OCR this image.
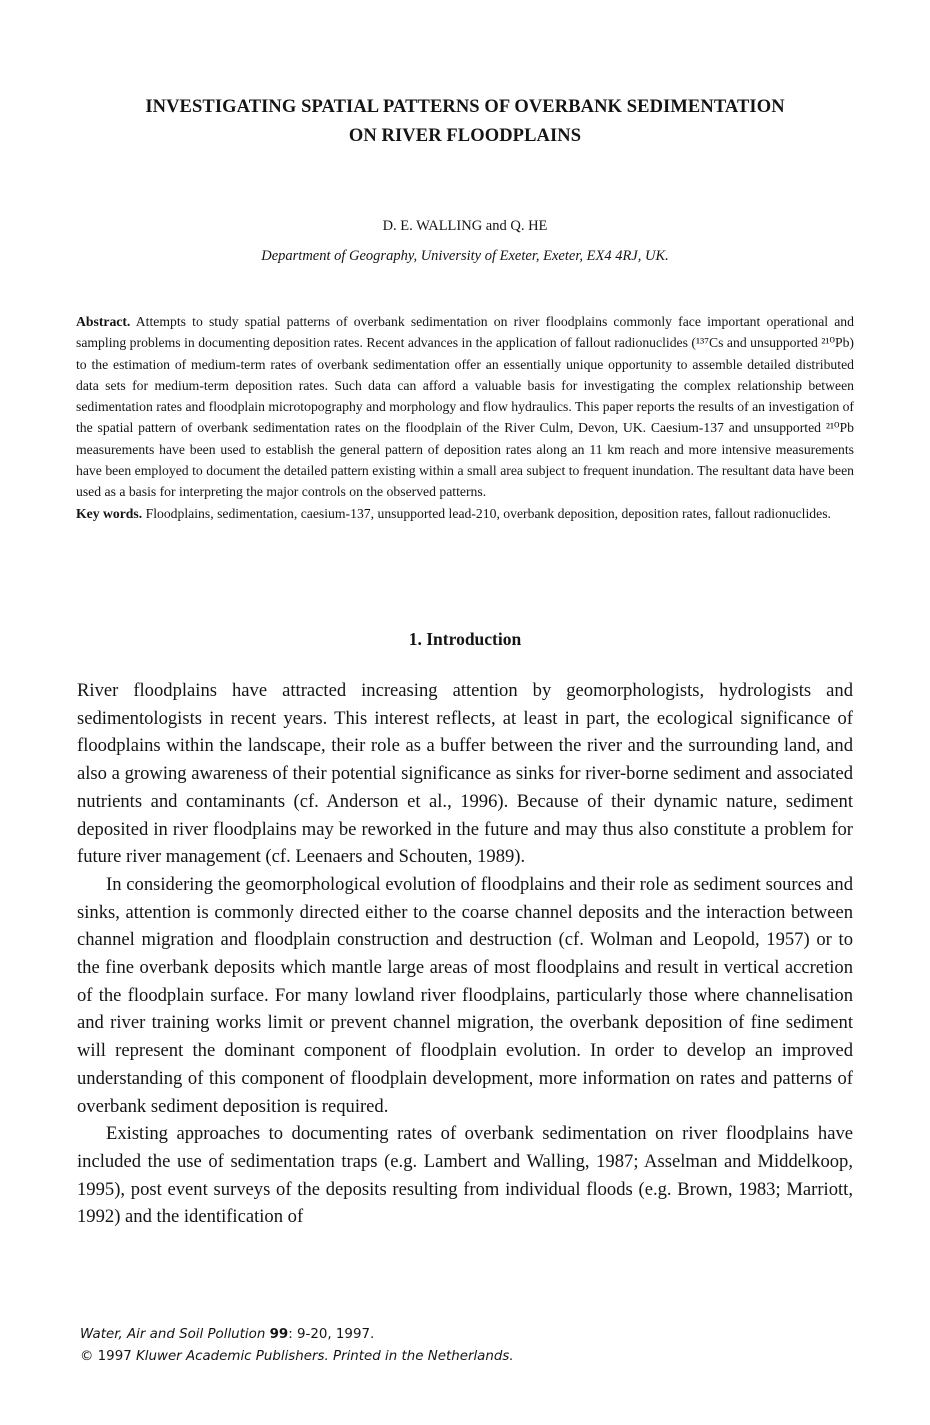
INVESTIGATING SPATIAL PATTERNS OF OVERBANK SEDIMENTATION
ON RIVER FLOODPLAINS
D. E. WALLING and Q. HE
Department of Geography, University of Exeter, Exeter, EX4 4RJ, UK.

Abstract. Attempts to study spatial patterns of overbank sedimentation on river floodplains commonly face important operational and sampling problems in documenting deposition rates. Recent advances in the application of fallout radionuclides (¹³⁷Cs and unsupported ²¹⁰Pb) to the estimation of medium-term rates of overbank sedimentation offer an essentially unique opportunity to assemble detailed distributed data sets for medium-term deposition rates. Such data can afford a valuable basis for investigating the complex relationship between sedimentation rates and floodplain microtopography and morphology and flow hydraulics. This paper reports the results of an investigation of the spatial pattern of overbank sedimentation rates on the floodplain of the River Culm, Devon, UK. Caesium-137 and unsupported ²¹⁰Pb measurements have been used to establish the general pattern of deposition rates along an 11 km reach and more intensive measurements have been employed to document the detailed pattern existing within a small area subject to frequent inundation. The resultant data have been used as a basis for interpreting the major controls on the observed patterns.

Key words. Floodplains, sedimentation, caesium-137, unsupported lead-210, overbank deposition, deposition rates, fallout radionuclides.

1. Introduction

River floodplains have attracted increasing attention by geomorphologists, hydrologists and sedimentologists in recent years. This interest reflects, at least in part, the ecological significance of floodplains within the landscape, their role as a buffer between the river and the surrounding land, and also a growing awareness of their potential significance as sinks for river-borne sediment and associated nutrients and contaminants (cf. Anderson et al., 1996). Because of their dynamic nature, sediment deposited in river floodplains may be reworked in the future and may thus also constitute a problem for future river management (cf. Leenaers and Schouten, 1989).

In considering the geomorphological evolution of floodplains and their role as sediment sources and sinks, attention is commonly directed either to the coarse channel deposits and the interaction between channel migration and floodplain construction and destruction (cf. Wolman and Leopold, 1957) or to the fine overbank deposits which mantle large areas of most floodplains and result in vertical accretion of the floodplain surface. For many lowland river floodplains, particularly those where channelisation and river training works limit or prevent channel migration, the overbank deposition of fine sediment will represent the dominant component of floodplain evolution. In order to develop an improved understanding of this component of floodplain development, more information on rates and patterns of overbank sediment deposition is required.

Existing approaches to documenting rates of overbank sedimentation on river floodplains have included the use of sedimentation traps (e.g. Lambert and Walling, 1987; Asselman and Middelkoop, 1995), post event surveys of the deposits resulting from individual floods (e.g. Brown, 1983; Marriott, 1992) and the identification of

Water, Air and Soil Pollution 99: 9-20, 1997.
© 1997 Kluwer Academic Publishers. Printed in the Netherlands.
